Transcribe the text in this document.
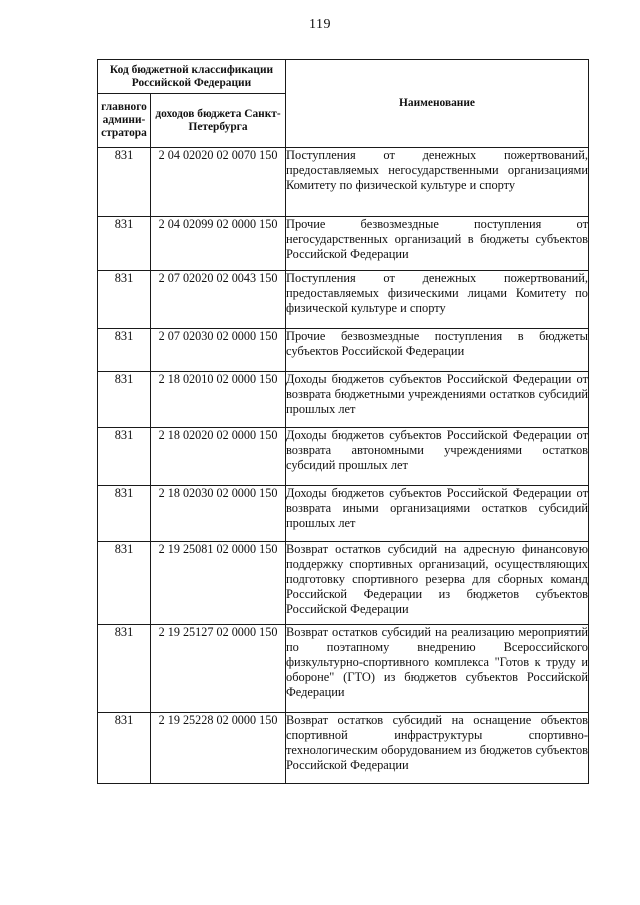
119
Код бюджетной классификации Российской Федерации		Наименование
главного админи-стратора	доходов бюджета Санкт-Петербурга	
831	2 04 02020 02 0070 150	Поступления от денежных пожертвований, предоставляемых негосударственными организациями Комитету по физической культуре и спорту
831	2 04 02099 02 0000 150	Прочие безвозмездные поступления от негосударственных организаций в бюджеты субъектов Российской Федерации
831	2 07 02020 02 0043 150	Поступления от денежных пожертвований, предоставляемых физическими лицами Комитету по физической культуре и спорту
831	2 07 02030 02 0000 150	Прочие безвозмездные поступления в бюджеты субъектов Российской Федерации
831	2 18 02010 02 0000 150	Доходы бюджетов субъектов Российской Федерации от возврата бюджетными учреждениями остатков субсидий прошлых лет
831	2 18 02020 02 0000 150	Доходы бюджетов субъектов Российской Федерации от возврата автономными учреждениями остатков субсидий прошлых лет
831	2 18 02030 02 0000 150	Доходы бюджетов субъектов Российской Федерации от возврата иными организациями остатков субсидий прошлых лет
831	2 19 25081 02 0000 150	Возврат остатков субсидий на адресную финансовую поддержку спортивных организаций, осуществляющих подготовку спортивного резерва для сборных команд Российской Федерации из бюджетов субъектов Российской Федерации
831	2 19 25127 02 0000 150	Возврат остатков субсидий на реализацию мероприятий по поэтапному внедрению Всероссийского физкультурно-спортивного комплекса "Готов к труду и обороне" (ГТО) из бюджетов субъектов Российской Федерации
831	2 19 25228 02 0000 150	Возврат остатков субсидий на оснащение объектов спортивной инфраструктуры спортивно-технологическим оборудованием из бюджетов субъектов Российской Федерации
